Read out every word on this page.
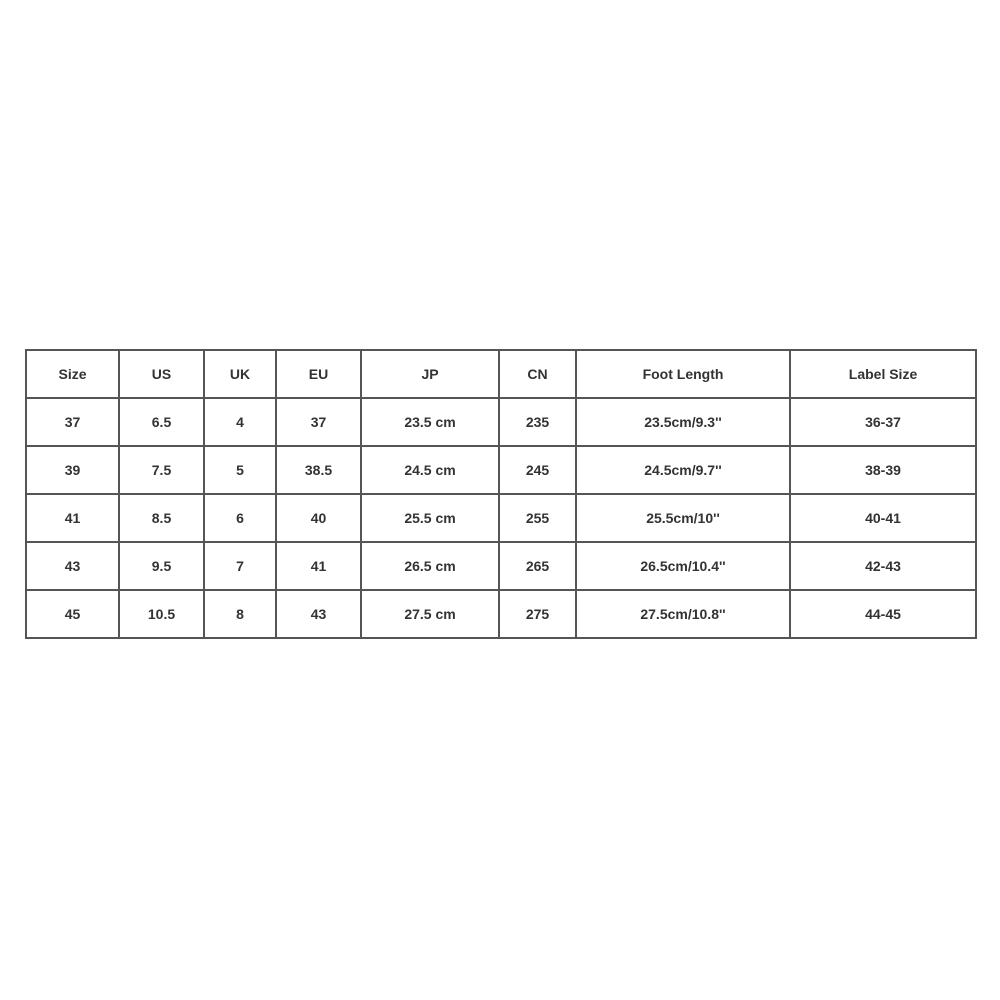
Size	US	UK	EU	JP	CN	Foot Length	Label Size
37	6.5	4	37	23.5 cm	235	23.5cm/9.3''	36-37
39	7.5	5	38.5	24.5 cm	245	24.5cm/9.7''	38-39
41	8.5	6	40	25.5 cm	255	25.5cm/10''	40-41
43	9.5	7	41	26.5 cm	265	26.5cm/10.4''	42-43
45	10.5	8	43	27.5 cm	275	27.5cm/10.8''	44-45
